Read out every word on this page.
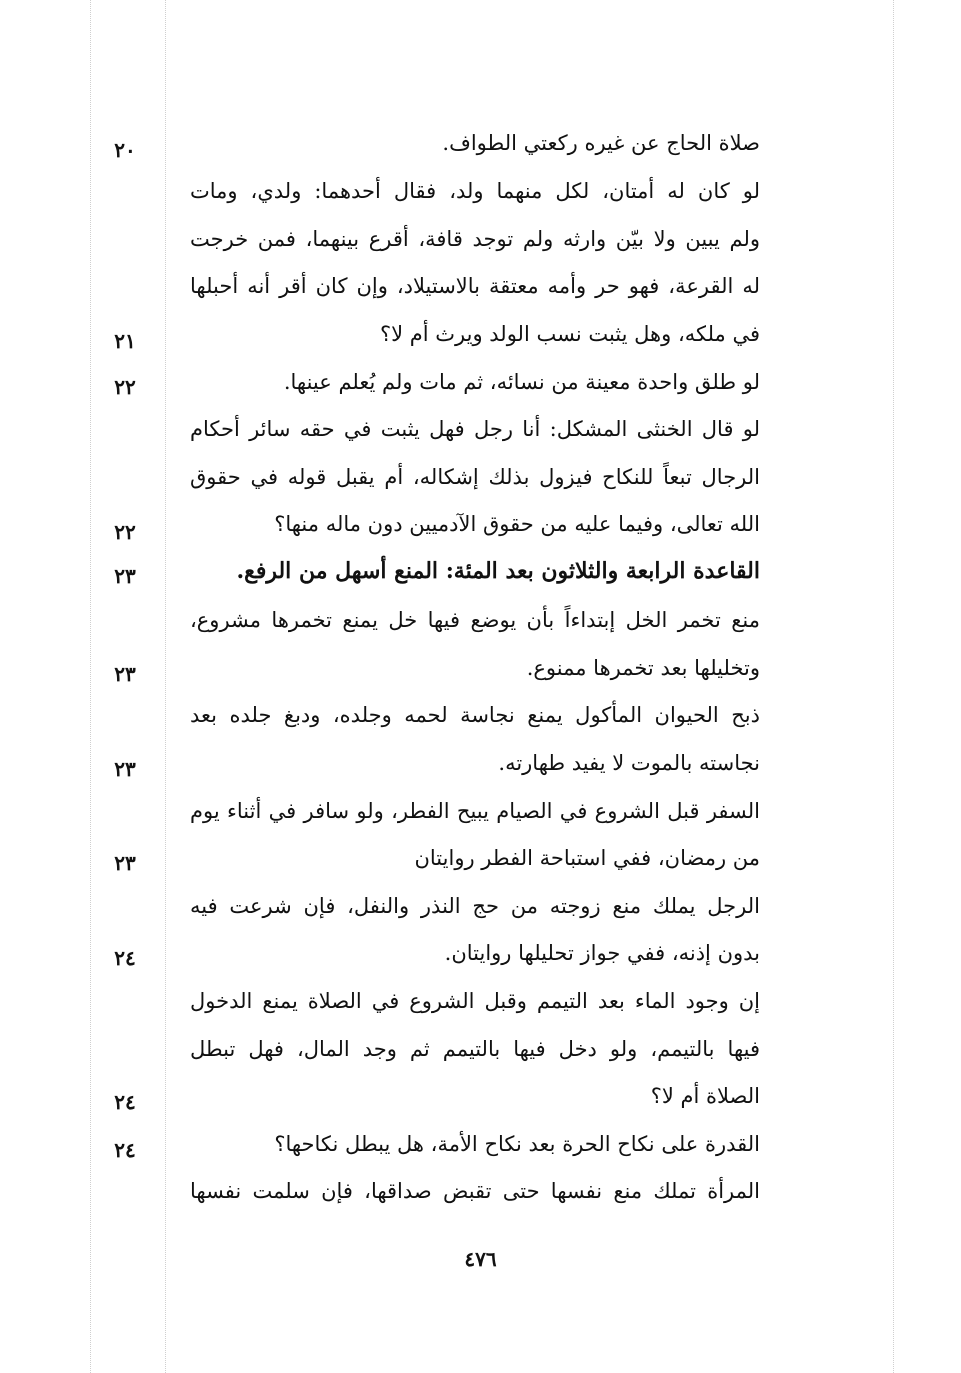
صلاة الحاج عن غيره ركعتي الطواف.
لو كان له أمتان، لكل منهما ولد، فقال أحدهما: ولدي، ومات
ولم يبين ولا بيّن وارثه ولم توجد قافة، أقرع بينهما، فمن خرجت
له القرعة، فهو حر وأمه معتقة بالاستيلاد، وإن كان أقر أنه أحبلها
في ملكه، وهل يثبت نسب الولد ويرث أم لا؟
لو طلق واحدة معينة من نسائه، ثم مات ولم يُعلم عينها.
لو قال الخنثى المشكل: أنا رجل فهل يثبت في حقه سائر أحكام
الرجال تبعاً للنكاح فيزول بذلك إشكاله، أم يقبل قوله في حقوق
الله تعالى، وفيما عليه من حقوق الآدميين دون ماله منها؟
القاعدة الرابعة والثلاثون بعد المئة: المنع أسهل من الرفع.
منع تخمر الخل إبتداءاً بأن يوضع فيها خل يمنع تخمرها مشروع،
وتخليلها بعد تخمرها ممنوع.
ذبح الحيوان المأكول يمنع نجاسة لحمه وجلده، ودبغ جلده بعد
نجاسته بالموت لا يفيد طهارته.
السفر قبل الشروع في الصيام يبيح الفطر، ولو سافر في أثناء يوم
من رمضان، ففي استباحة الفطر روايتان
الرجل يملك منع زوجته من حج النذر والنفل، فإن شرعت فيه
بدون إذنه، ففي جواز تحليلها روايتان.
إن وجود الماء بعد التيمم وقبل الشروع في الصلاة يمنع الدخول
فيها بالتيمم، ولو دخل فيها بالتيمم ثم وجد المال، فهل تبطل
الصلاة أم لا؟
القدرة على نكاح الحرة بعد نكاح الأمة، هل يبطل نكاحها؟
المرأة تملك منع نفسها حتى تقبض صداقها، فإن سلمت نفسها
٢٠
٢١
٢٢
٢٢
٢٣
٢٣
٢٣
٢٣
٢٤
٢٤
٢٤
٤٧٦
